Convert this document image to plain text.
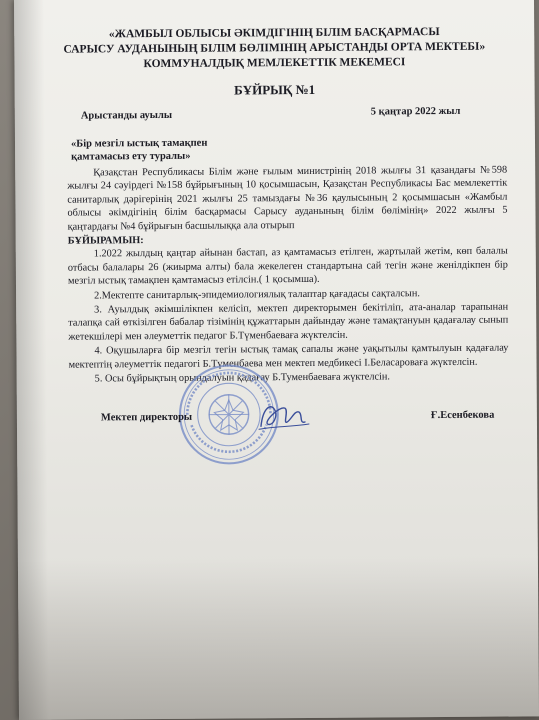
«ЖАМБЫЛ ОБЛЫСЫ ӘКІМДІГІНІҢ БІЛІМ БАСҚАРМАСЫ
САРЫСУ АУДАНЫНЫҢ БІЛІМ БӨЛІМІНІҢ АРЫСТАНДЫ ОРТА МЕКТЕБІ»
КОММУНАЛДЫҚ МЕМЛЕКЕТТІК МЕКЕМЕСІ
БҰЙРЫҚ №1
Арыстанды ауылы	5 қаңтар 2022 жыл
«Бір мезгіл ыстық тамақпен
қамтамасыз ету туралы»

Қазақстан Республикасы Білім және ғылым министрінің 2018 жылғы 31 қазандағы №598 жылғы 24 сәуірдегі №158 бұйрығының 10 қосымшасын, Қазақстан Республикасы Бас мемлекеттік санитарлық дәрігерінің 2021 жылғы 25 тамыздағы №36 қаулысының 2 қосымшасын «Жамбыл облысы әкімдігінің білім басқармасы Сарысу ауданының білім бөлімінің» 2022 жылғы 5 қаңтардағы №4 бұйрығын басшылыққа ала отырып

БҰЙЫРАМЫН:

1.2022 жылдың қаңтар айынан бастап, аз қамтамасыз етілген, жартылай жетім, көп балалы отбасы балалары 26 (жиырма алты) бала жекелеген стандартына сай тегін және женілдікпен бір мезгіл ыстық тамақпен қамтамасыз етілсін.( 1 қосымша).

2.Мектепте санитарлық-эпидемиологиялық талаптар қағадасы сақталсын.

3. Ауылдық әкімшілікпен келісіп, мектеп директорымен бекітіліп, ата-аналар тарапынан талапқа сай өткізілген бабалар тізімінің құжаттарын дайындау және тамақтануын қадағалау сынып жетекшілері мен әлеуметтік педагог Б.Түменбаеваға жүктелсін.

4. Оқушыларға бір мезгіл тегін ыстық тамақ сапалы және уақытылы қамтылуын қадағалау мектептің әлеуметтік педагогі Б.Түменбаева мен мектеп медбикесі І.Беласароваға жүктелсін.

5. Осы бұйрықтың орындалуын қадағау Б.Туменбаеваға жүктелсін.

Мектеп директоры	Ғ.Есенбекова
